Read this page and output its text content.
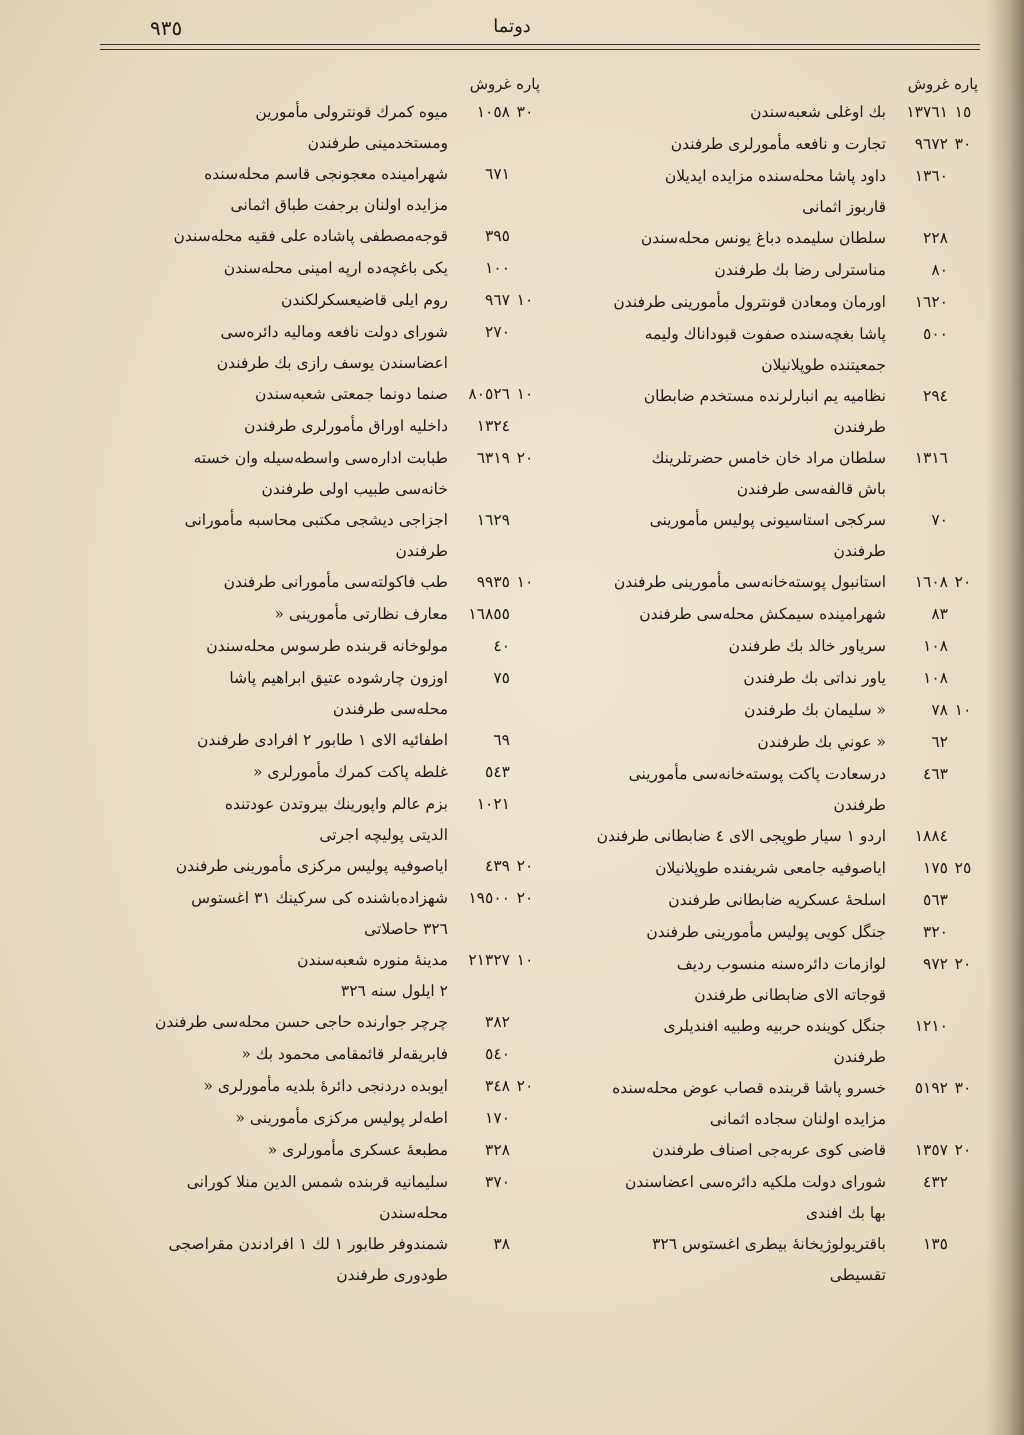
٩٣٥	دوتما
پاره غروش
١٥
١٣٧٦١
بك اوغلى شعبه‌سندن
٣٠
٩٦٧٢
تجارت و نافعه مأمورلرى طرفندن
١٣٦٠
داود پاشا محله‌سنده مزايده ايديلان
قاربوز اثمانى
٢٢٨
سلطان سليمده دباغ يونس محله‌سندن
٨٠
مناسترلى رضا بك طرفندن
١٦٢٠
اورمان ومعادن قونترول مأمورينى طرفندن
٥٠٠
پاشا بغچه‌سنده صفوت قبوداناك وليمه
جمعيتنده طوپلانيلان
٢٩٤
نظاميه يم انبارلرنده مستخدم ضابطان
طرفندن
١٣١٦
سلطان مراد خان خامس حضرتلرينك
باش قالفه‌سى طرفندن
٧٠
سركجى استاسيونى پوليس مأمورينى
طرفندن
٢٠
١٦٠٨
استانبول پوسته‌خانه‌سى مأمورينى طرفندن
٨٣
شهرامينده سيمكش محله‌سى طرفندن
١٠٨
سرياور خالد بك طرفندن
١٠٨
ياور نداتى بك طرفندن
١٠
٧٨
« سليمان بك طرفندن
٦٢
« عوني بك طرفندن
٤٦٣
درسعادت پاكت پوسته‌خانه‌سى مأمورينى
طرفندن
١٨٨٤
اردو ١ سيار طوپجى الاى ٤ ضابطانى طرفندن
٢٥
١٧٥
اياصوفيه جامعى شريفنده طوپلانيلان
٥٦٣
اسلحهٔ عسكريه ضابطانى طرفندن
٣٢٠
جنگل كويى پوليس مأمورينى طرفندن
٢٠
٩٧٢
لوازمات دائره‌سنه منسوب رديف
قوجاته الاى ضابطانى طرفندن
١٢١٠
جنگل كوينده حربيه وطبيه افنديلرى
طرفندن
٣٠
٥١٩٢
خسرو پاشا قربنده قصاب عوض محله‌سنده
مزايده اولنان سجاده اثمانى
٢٠
١٣٥٧
قاضى كوى عربه‌جى اصناف طرفندن
٤٣٢
شوراى دولت ملكيه دائره‌سى اعضاسندن
بها بك افندى
١٣٥
باقتريولوژيخانهٔ بيطرى اغستوس ٣٢٦
تقسيطى
پاره غروش
٣٠
١٠٥٨
ميوه كمرك قونترولى مأمورين
ومستخدمينى طرفندن
٦٧١
شهرامينده معجونجى قاسم محله‌سنده
مزايده اولنان برجفت طباق اثمانى
٣٩٥
قوجه‌مصطفى پاشاده على فقيه محله‌سندن
١٠٠
يكى باغچه‌ده ارپه امينى محله‌سندن
١٠
٩٦٧
روم ايلى قاضيعسكرلكندن
٢٧٠
شوراى دولت نافعه وماليه دائره‌سى
اعضاسندن يوسف رازى بك طرفندن
١٠
٨٠٥٢٦
صنما دونما جمعتى شعبه‌سندن
١٣٢٤
داخليه اوراق مأمورلرى طرفندن
٢٠
٦٣١٩
طبابت اداره‌سى واسطه‌سيله وان خسته
خانه‌سى طبيب اولى طرفندن
١٦٢٩
اجزاجى ديشجى مكتبى محاسبه مأمورانى
طرفندن
١٠
٩٩٣٥
طب فاكولته‌سى مأمورانى طرفندن
١٦٨٥٥
معارف نظارتى مأمورينى «
٤٠
مولوخانه قربنده طرسوس محله‌سندن
٧٥
اوزون چارشوده عتيق ابراهيم پاشا
محله‌سى طرفندن
٦٩
اطفائيه الاى ١ طابور ٢ افرادى طرفندن
٥٤٣
غلطه پاكت كمرك مأمورلرى «
١٠٢١
بزم عالم واپورينك بيروتدن عودتنده
الديتى پوليچه اجرتى
٢٠
٤٣٩
اياصوفيه پوليس مركزى مأمورينى طرفندن
٢٠
١٩٥٠٠
شهزاده‌باشنده كى سركينك ٣١ اغستوس
٣٢٦ حاصلاتى
١٠
٢١٣٢٧
مدينهٔ منوره شعبه‌سندن
٢ ايلول سنه ٣٢٦
٣٨٢
چرچر جوارنده حاجى حسن محله‌سى طرفندن
٥٤٠
فابريقه‌لر قائمقامى محمود بك «
٢٠
٣٤٨
ايوبده دردنجى دائره‌ٔ بلديه مأمورلرى «
١٧٠
اطه‌لر پوليس مركزى مأمورينى «
٣٢٨
مطبعهٔ عسكرى مأمورلرى «
٣٧٠
سليمانيه قربنده شمس الدين منلا كورانى
محله‌سندن
٣٨
شمندوفر طابور ١ لك ١ افرادندن مقراصجى
طودورى طرفندن
